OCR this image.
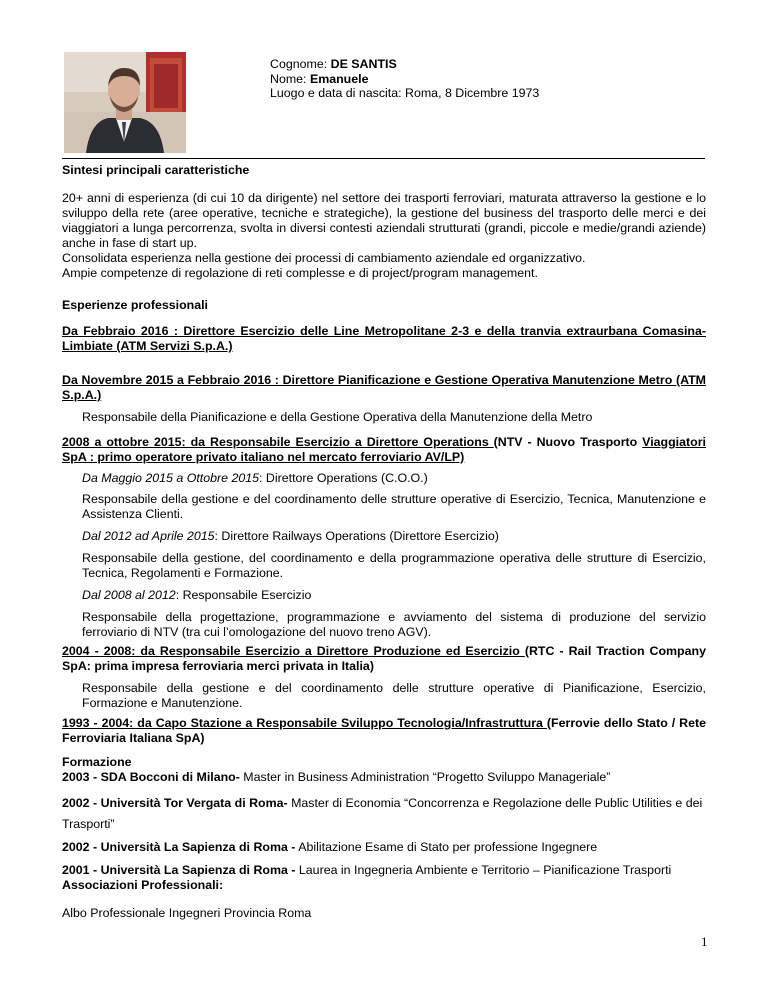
Cognome: DE SANTIS

Nome: Emanuele

Luogo e data di nascita: Roma, 8 Dicembre 1973

Sintesi principali caratteristiche

20+ anni di esperienza (di cui 10 da dirigente) nel settore dei trasporti ferroviari, maturata attraverso la gestione e lo sviluppo della rete (aree operative, tecniche e strategiche), la gestione del business del trasporto delle merci e dei viaggiatori a lunga percorrenza, svolta in diversi contesti aziendali strutturati (grandi, piccole e medie/grandi aziende) anche in fase di start up.

Consolidata esperienza nella gestione dei processi di cambiamento aziendale ed organizzativo.

Ampie competenze di regolazione di reti complesse e di project/program management.

Esperienze professionali

Da Febbraio 2016 : Direttore Esercizio delle Line Metropolitane 2-3 e della tranvia extraurbana Comasina-Limbiate (ATM Servizi S.p.A.)

Da Novembre 2015 a Febbraio 2016 : Direttore Pianificazione e Gestione Operativa Manutenzione Metro (ATM S.p.A.)

Responsabile della Pianificazione e della Gestione Operativa della Manutenzione della Metro

2008 a ottobre 2015: da Responsabile Esercizio a Direttore Operations (NTV - Nuovo Trasporto Viaggiatori SpA : primo operatore privato italiano nel mercato ferroviario AV/LP)

Da Maggio 2015 a Ottobre 2015: Direttore Operations (C.O.O.)

Responsabile della gestione e del coordinamento delle strutture operative di Esercizio, Tecnica, Manutenzione e Assistenza Clienti.

Dal 2012 ad Aprile 2015: Direttore Railways Operations (Direttore Esercizio)

Responsabile della gestione, del coordinamento e della programmazione operativa delle strutture di Esercizio, Tecnica, Regolamenti e Formazione.

Dal 2008 al 2012: Responsabile Esercizio

Responsabile della progettazione, programmazione e avviamento del sistema di produzione del servizio ferroviario di NTV (tra cui l’omologazione del nuovo treno AGV).

2004 - 2008: da Responsabile Esercizio a Direttore Produzione ed Esercizio (RTC - Rail Traction Company SpA: prima impresa ferroviaria merci privata in Italia)

Responsabile della gestione e del coordinamento delle strutture operative di Pianificazione, Esercizio, Formazione e Manutenzione.

1993 - 2004: da Capo Stazione a Responsabile Sviluppo Tecnologia/Infrastruttura (Ferrovie dello Stato / Rete Ferroviaria Italiana SpA)

Formazione

2003 - SDA Bocconi di Milano- Master in Business Administration “Progetto Sviluppo Manageriale”

2002 - Università Tor Vergata di Roma- Master di Economia “Concorrenza e Regolazione delle Public Utilities e dei Trasporti”

2002 - Università La Sapienza di Roma - Abilitazione Esame di Stato per professione Ingegnere

2001 - Università La Sapienza di Roma - Laurea in Ingegneria Ambiente e Territorio – Pianificazione Trasporti

Associazioni Professionali:

Albo Professionale Ingegneri Provincia Roma

1
